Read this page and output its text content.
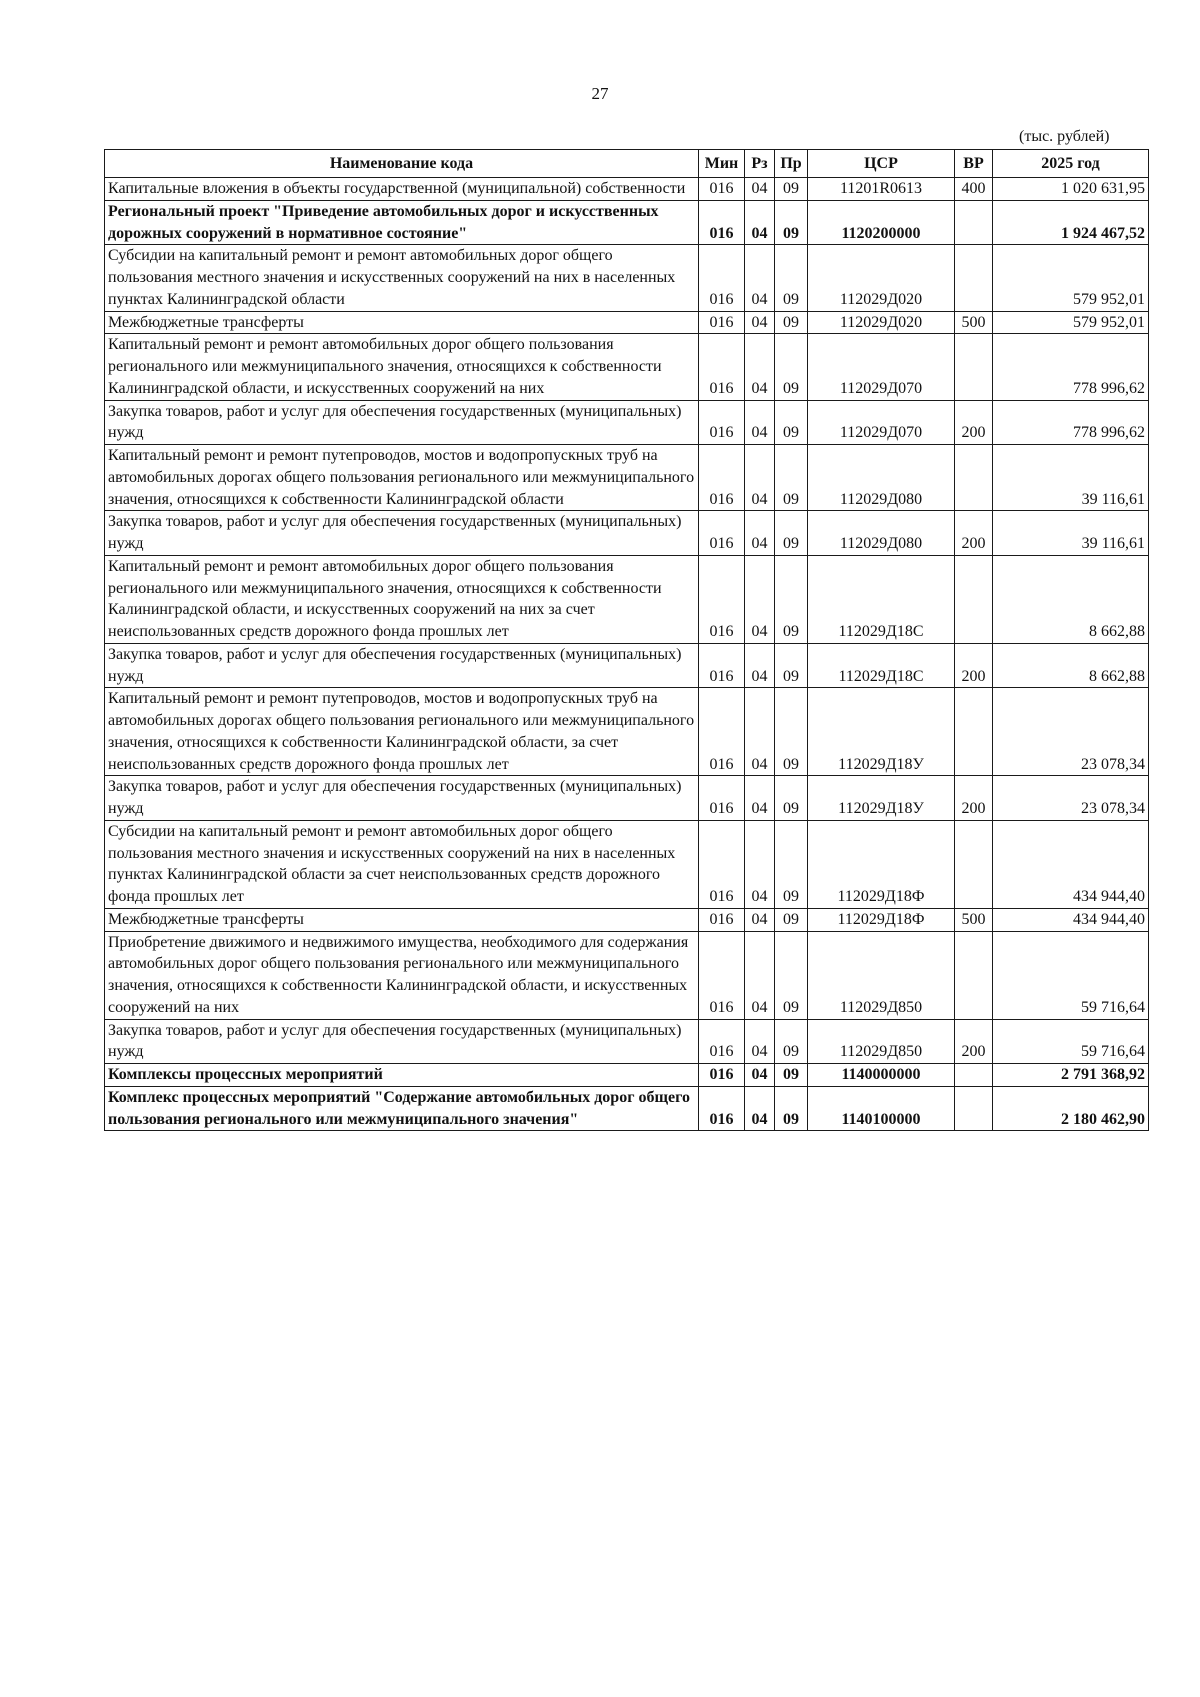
27
(тыс. рублей)
Наименование кода	Мин	Рз	Пр	ЦСР	ВР	2025 год
Капитальные вложения в объекты государственной (муниципальной) собственности	016	04	09	11201R0613	400	1 020 631,95
Региональный проект "Приведение автомобильных дорог и искусственных дорожных сооружений в нормативное состояние"	016	04	09	1120200000		1 924 467,52
Субсидии на капитальный ремонт и ремонт автомобильных дорог общего пользования местного значения и искусственных сооружений на них в населенных пунктах Калининградской области	016	04	09	112029Д020		579 952,01
Межбюджетные трансферты	016	04	09	112029Д020	500	579 952,01
Капитальный ремонт и ремонт автомобильных дорог общего пользования регионального или межмуниципального значения, относящихся к собственности Калининградской области, и искусственных сооружений на них	016	04	09	112029Д070		778 996,62
Закупка товаров, работ и услуг для обеспечения государственных (муниципальных) нужд	016	04	09	112029Д070	200	778 996,62
Капитальный ремонт и ремонт путепроводов, мостов и водопропускных труб на автомобильных дорогах общего пользования регионального или межмуниципального значения, относящихся к собственности Калининградской области	016	04	09	112029Д080		39 116,61
Закупка товаров, работ и услуг для обеспечения государственных (муниципальных) нужд	016	04	09	112029Д080	200	39 116,61
Капитальный ремонт и ремонт автомобильных дорог общего пользования регионального или межмуниципального значения, относящихся к собственности Калининградской области, и искусственных сооружений на них за счет неиспользованных средств дорожного фонда прошлых лет	016	04	09	112029Д18С		8 662,88
Закупка товаров, работ и услуг для обеспечения государственных (муниципальных) нужд	016	04	09	112029Д18С	200	8 662,88
Капитальный ремонт и ремонт путепроводов, мостов и водопропускных труб на автомобильных дорогах общего пользования регионального или межмуниципального значения, относящихся к собственности Калининградской области, за счет неиспользованных средств дорожного фонда прошлых лет	016	04	09	112029Д18У		23 078,34
Закупка товаров, работ и услуг для обеспечения государственных (муниципальных) нужд	016	04	09	112029Д18У	200	23 078,34
Субсидии на капитальный ремонт и ремонт автомобильных дорог общего пользования местного значения и искусственных сооружений на них в населенных пунктах Калининградской области за счет неиспользованных средств дорожного фонда прошлых лет	016	04	09	112029Д18Ф		434 944,40
Межбюджетные трансферты	016	04	09	112029Д18Ф	500	434 944,40
Приобретение движимого и недвижимого имущества, необходимого для содержания автомобильных дорог общего пользования регионального или межмуниципального значения, относящихся к собственности Калининградской области, и искусственных сооружений на них	016	04	09	112029Д850		59 716,64
Закупка товаров, работ и услуг для обеспечения государственных (муниципальных) нужд	016	04	09	112029Д850	200	59 716,64
Комплексы процессных мероприятий	016	04	09	1140000000		2 791 368,92
Комплекс процессных мероприятий "Содержание автомобильных дорог общего пользования регионального или межмуниципального значения"	016	04	09	1140100000		2 180 462,90
